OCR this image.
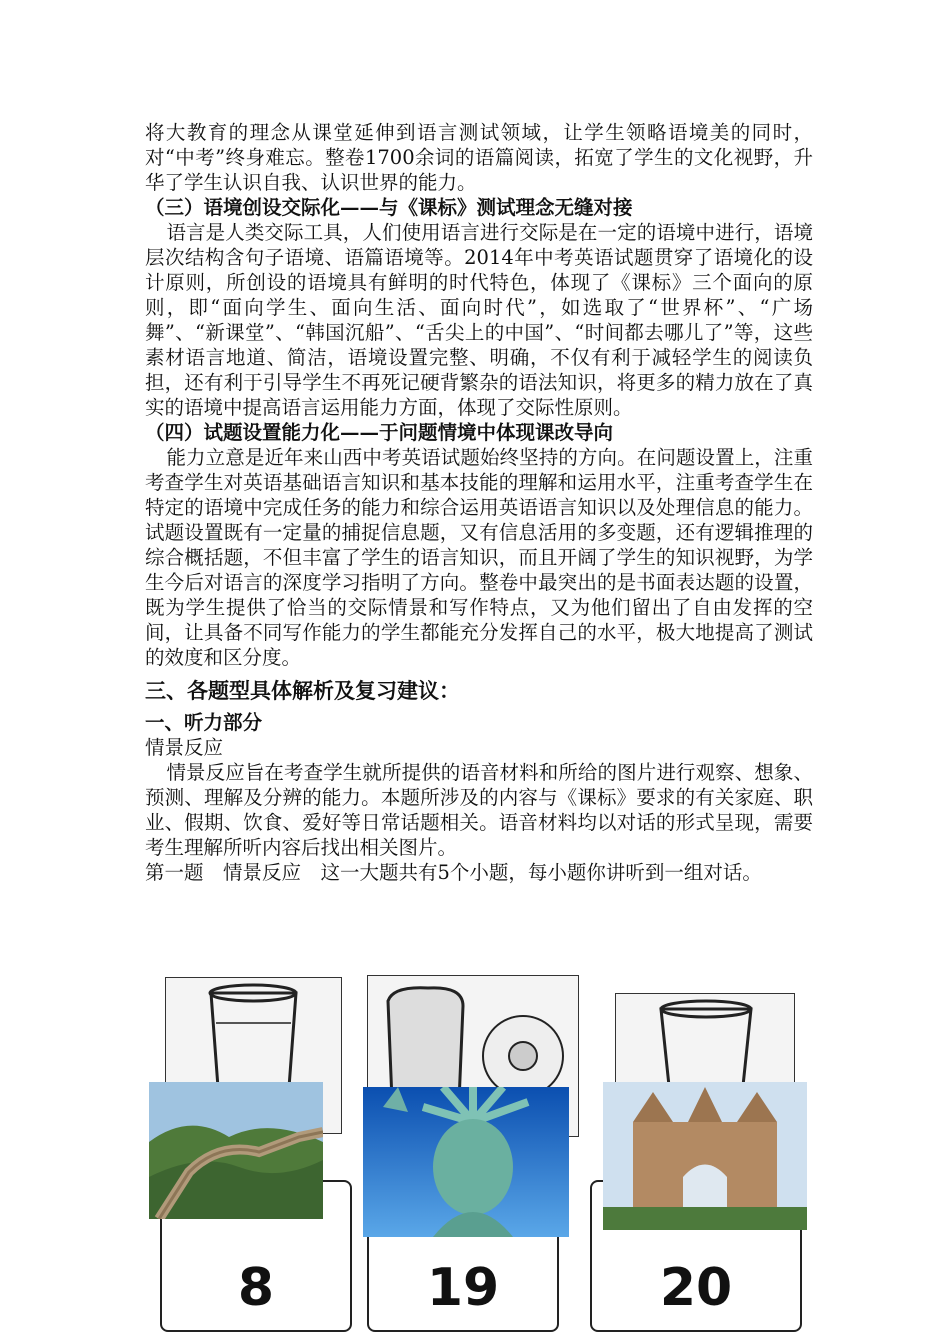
将大教育的理念从课堂延伸到语言测试领域，让学生领略语境美的同时，对“中考”终身难忘。整卷1700余词的语篇阅读，拓宽了学生的文化视野，升华了学生认识自我、认识世界的能力。

（三）语境创设交际化——与《课标》测试理念无缝对接

语言是人类交际工具，人们使用语言进行交际是在一定的语境中进行，语境层次结构含句子语境、语篇语境等。2014年中考英语试题贯穿了语境化的设计原则，所创设的语境具有鲜明的时代特色，体现了《课标》三个面向的原则，即“面向学生、面向生活、面向时代”，如选取了“世界杯”、“广场舞”、“新课堂”、“韩国沉船”、“舌尖上的中国”、“时间都去哪儿了”等，这些素材语言地道、简洁，语境设置完整、明确，不仅有利于减轻学生的阅读负担，还有利于引导学生不再死记硬背繁杂的语法知识，将更多的精力放在了真实的语境中提高语言运用能力方面，体现了交际性原则。

（四）试题设置能力化——于问题情境中体现课改导向

能力立意是近年来山西中考英语试题始终坚持的方向。在问题设置上，注重考查学生对英语基础语言知识和基本技能的理解和运用水平，注重考查学生在特定的语境中完成任务的能力和综合运用英语语言知识以及处理信息的能力。试题设置既有一定量的捕捉信息题，又有信息活用的多变题，还有逻辑推理的综合概括题，不但丰富了学生的语言知识，而且开阔了学生的知识视野，为学生今后对语言的深度学习指明了方向。整卷中最突出的是书面表达题的设置，既为学生提供了恰当的交际情景和写作特点，又为他们留出了自由发挥的空间，让具备不同写作能力的学生都能充分发挥自己的水平，极大地提高了测试的效度和区分度。

三、各题型具体解析及复习建议：

一、听力部分

情景反应

情景反应旨在考查学生就所提供的语音材料和所给的图片进行观察、想象、预测、理解及分辨的能力。本题所涉及的内容与《课标》要求的有关家庭、职业、假期、饮食、爱好等日常话题相关。语音材料均以对话的形式呈现，需要考生理解所听内容后找出相关图片。

第一题　情景反应　这一大题共有5个小题，每小题你讲听到一组对话。

8	19	20
